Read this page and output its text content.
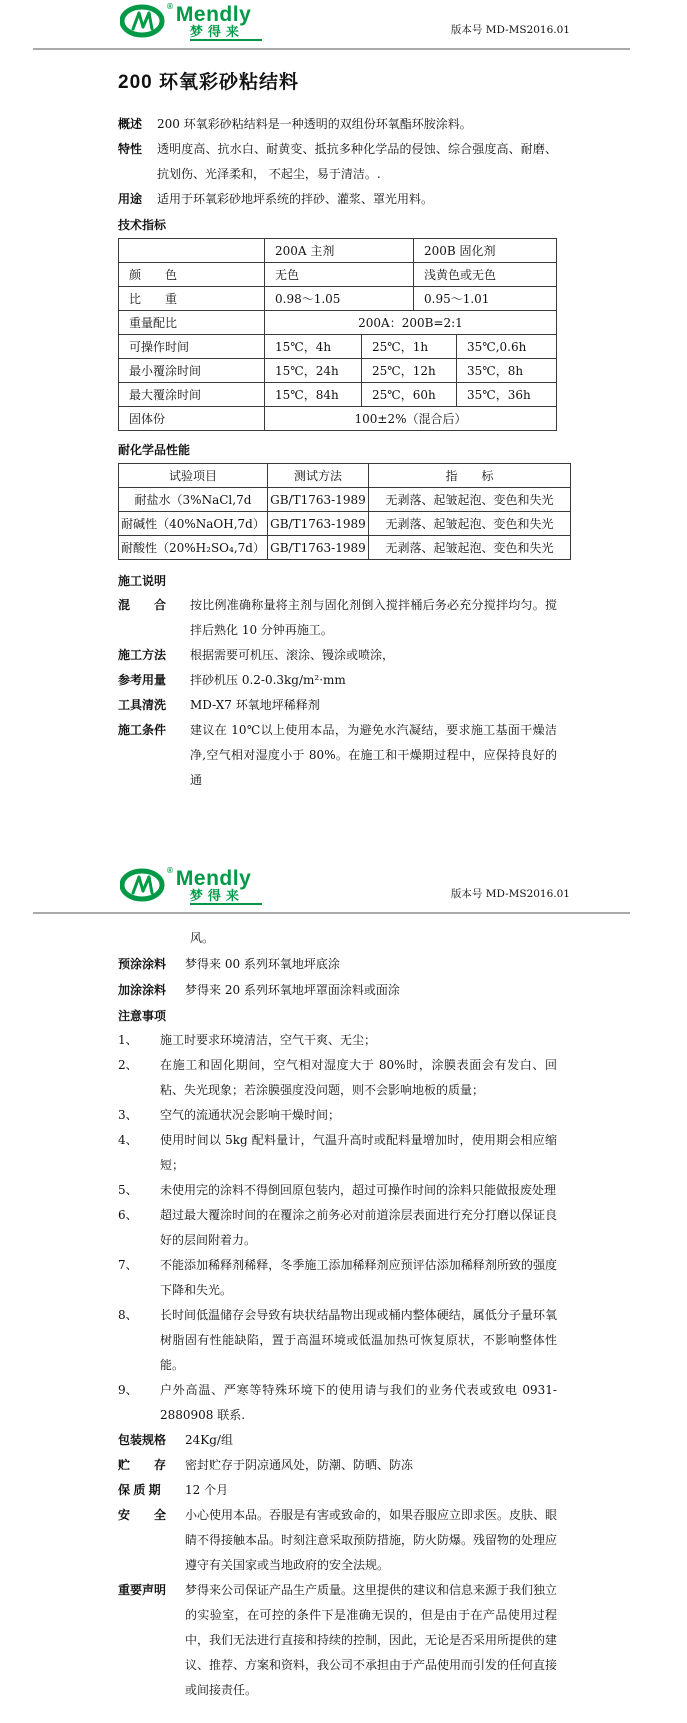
® Mendly
梦得来	版本号 MD-MS2016.01
200 环氧彩砂粘结料
概述	200 环氧彩砂粘结料是一种透明的双组份环氧酯环胺涂料。
特性	透明度高、抗水白、耐黄变、抵抗多种化学品的侵蚀、综合强度高、耐磨、抗划伤、光泽柔和， 不起尘，易于清洁。.
用途	适用于环氧彩砂地坪系统的拌砂、灌浆、罩光用料。
技术指标
	200A 主剂		200B 固化剂	
颜　　色	无色		浅黄色或无色	
比　　重	0.98～1.05		0.95～1.01	
重量配比	200A：200B=2:1			
可操作时间	15℃，4h	25℃，1h		35℃,0.6h
最小覆涂时间	15℃，24h	25℃，12h		35℃，8h
最大覆涂时间	15℃，84h	25℃，60h		35℃，36h
固体份	100±2%（混合后）			
耐化学品性能
试验项目	测试方法	指　　标
耐盐水（3%NaCl,7d	GB/T1763-1989	无剥落、起皱起泡、变色和失光
耐碱性（40%NaOH,7d）	GB/T1763-1989	无剥落、起皱起泡、变色和失光
耐酸性（20%H₂SO₄,7d）	GB/T1763-1989	无剥落、起皱起泡、变色和失光
施工说明
混　　合	按比例准确称量将主剂与固化剂倒入搅拌桶后务必充分搅拌均匀。搅拌后熟化 10 分钟再施工。
施工方法	根据需要可机压、滚涂、镘涂或喷涂，
参考用量	拌砂机压 0.2-0.3kg/m²·mm
工具清洗	MD-X7 环氧地坪稀释剂
施工条件	建议在 10℃以上使用本品，为避免水汽凝结，要求施工基面干燥洁净,空气相对湿度小于 80%。在施工和干燥期过程中，应保持良好的通
® Mendly
梦得来	版本号 MD-MS2016.01
风。
预涂涂料	梦得来 00 系列环氧地坪底涂
加涂涂料	梦得来 20 系列环氧地坪罩面涂料或面涂
注意事项
1、	施工时要求环境清洁，空气干爽、无尘；
2、	在施工和固化期间，空气相对湿度大于 80%时，涂膜表面会有发白、回粘、失光现象；若涂膜强度没问题，则不会影响地板的质量；
3、	空气的流通状况会影响干燥时间；
4、	使用时间以 5kg 配料量计，气温升高时或配料量增加时，使用期会相应缩短；
5、	未使用完的涂料不得倒回原包装内，超过可操作时间的涂料只能做报废处理
6、	超过最大覆涂时间的在覆涂之前务必对前道涂层表面进行充分打磨以保证良好的层间附着力。
7、	不能添加稀释剂稀释，冬季施工添加稀释剂应预评估添加稀释剂所致的强度下降和失光。
8、	长时间低温储存会导致有块状结晶物出现或桶内整体硬结，属低分子量环氧树脂固有性能缺陷，置于高温环境或低温加热可恢复原状，不影响整体性能。
9、	户外高温、严寒等特殊环境下的使用请与我们的业务代表或致电 0931-2880908 联系.
包装规格	24Kg/组
贮　　存	密封贮存于阴凉通风处，防潮、防晒、防冻
保 质 期	12 个月
安　　全	小心使用本品。吞服是有害或致命的，如果吞服应立即求医。皮肤、眼睛不得接触本品。时刻注意采取预防措施，防火防爆。残留物的处理应遵守有关国家或当地政府的安全法规。
重要声明	梦得来公司保证产品生产质量。这里提供的建议和信息来源于我们独立的实验室，在可控的条件下是准确无误的，但是由于在产品使用过程中，我们无法进行直接和持续的控制，因此，无论是否采用所提供的建议、推荐、方案和资料，我公司不承担由于产品使用而引发的任何直接或间接责任。
